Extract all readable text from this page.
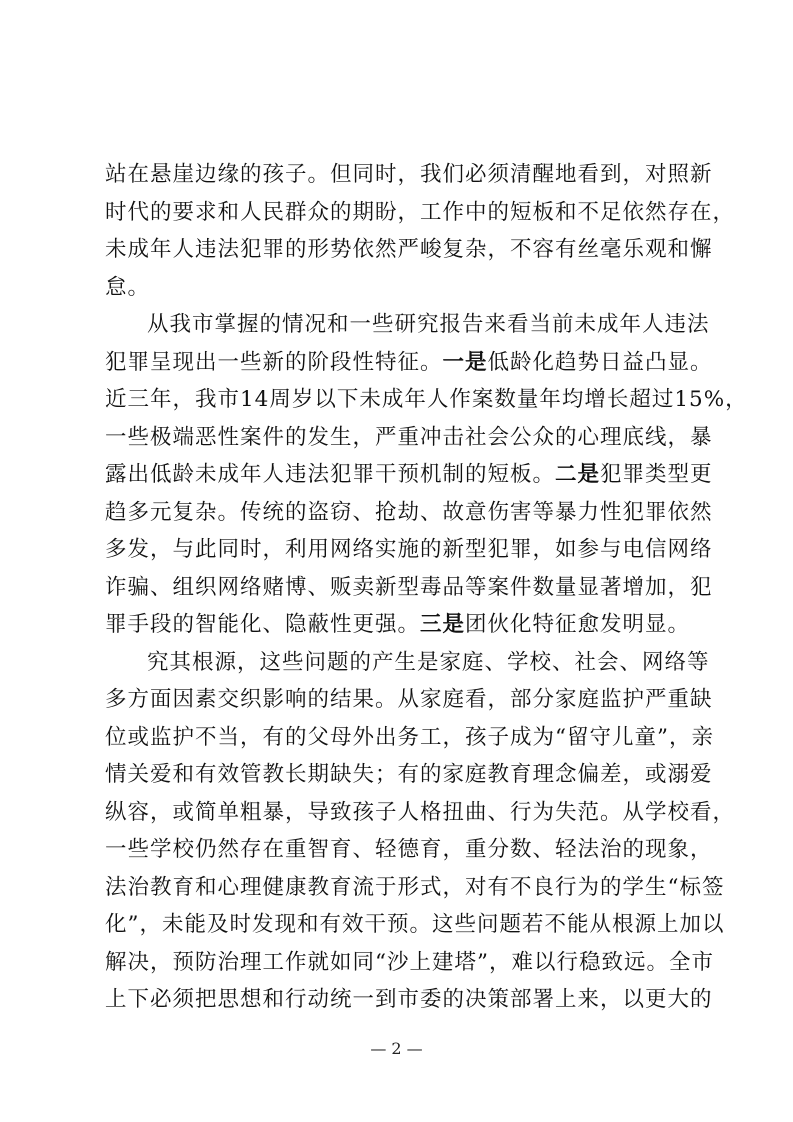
站在悬崖边缘的孩子。但同时，我们必须清醒地看到，对照新
时代的要求和人民群众的期盼，工作中的短板和不足依然存在，
未成年人违法犯罪的形势依然严峻复杂，不容有丝毫乐观和懈
怠。
从我市掌握的情况和一些研究报告来看当前未成年人违法
犯罪呈现出一些新的阶段性特征。一是低龄化趋势日益凸显。
近三年，我市14周岁以下未成年人作案数量年均增长超过15%，
一些极端恶性案件的发生，严重冲击社会公众的心理底线，暴
露出低龄未成年人违法犯罪干预机制的短板。二是犯罪类型更
趋多元复杂。传统的盗窃、抢劫、故意伤害等暴力性犯罪依然
多发，与此同时，利用网络实施的新型犯罪，如参与电信网络
诈骗、组织网络赌博、贩卖新型毒品等案件数量显著增加，犯
罪手段的智能化、隐蔽性更强。三是团伙化特征愈发明显。
究其根源，这些问题的产生是家庭、学校、社会、网络等
多方面因素交织影响的结果。从家庭看，部分家庭监护严重缺
位或监护不当，有的父母外出务工，孩子成为“留守儿童”，亲
情关爱和有效管教长期缺失；有的家庭教育理念偏差，或溺爱
纵容，或简单粗暴，导致孩子人格扭曲、行为失范。从学校看，
一些学校仍然存在重智育、轻德育，重分数、轻法治的现象，
法治教育和心理健康教育流于形式，对有不良行为的学生“标签
化”，未能及时发现和有效干预。这些问题若不能从根源上加以
解决，预防治理工作就如同“沙上建塔”，难以行稳致远。全市
上下必须把思想和行动统一到市委的决策部署上来，以更大的
— 2 —
